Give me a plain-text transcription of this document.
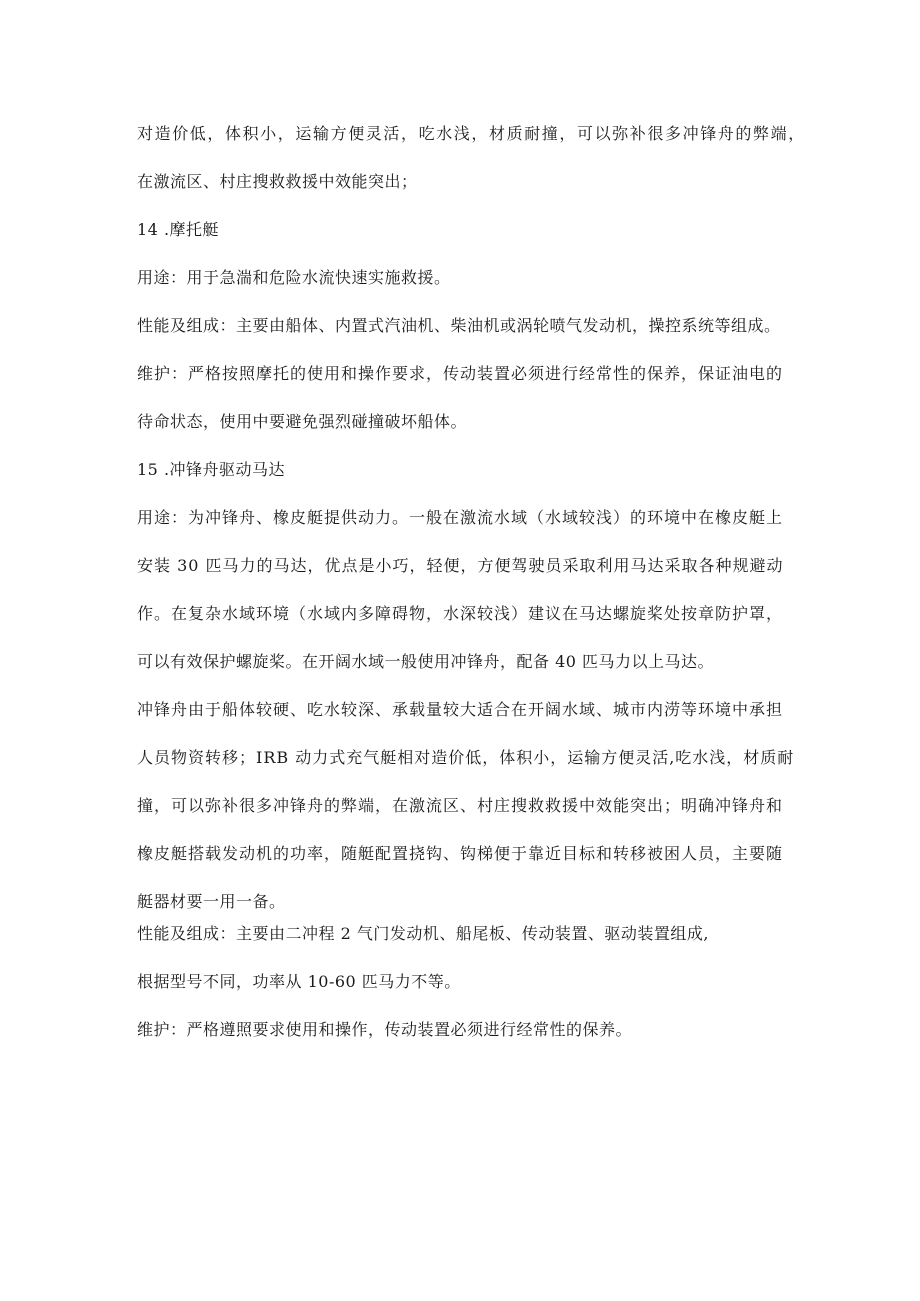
对造价低，体积小，运输方便灵活，吃水浅，材质耐撞，可以弥补很多冲锋舟的弊端，
在激流区、村庄搜救救援中效能突出；
14 .摩托艇
用途：用于急湍和危险水流快速实施救援。
性能及组成：主要由船体、内置式汽油机、柴油机或涡轮喷气发动机，操控系统等组成。
维护：严格按照摩托的使用和操作要求，传动装置必须进行经常性的保养，保证油电的
待命状态，使用中要避免强烈碰撞破坏船体。
15 .冲锋舟驱动马达
用途：为冲锋舟、橡皮艇提供动力。一般在激流水域（水域较浅）的环境中在橡皮艇上
安装 30 匹马力的马达，优点是小巧，轻便，方便驾驶员采取利用马达采取各种规避动
作。在复杂水域环境（水域内多障碍物，水深较浅）建议在马达螺旋桨处按章防护罩，
可以有效保护螺旋桨。在开阔水域一般使用冲锋舟，配备 40 匹马力以上马达。
冲锋舟由于船体较硬、吃水较深、承载量较大适合在开阔水域、城市内涝等环境中承担
人员物资转移；IRB 动力式充气艇相对造价低，体积小，运输方便灵活,吃水浅，材质耐
撞，可以弥补很多冲锋舟的弊端，在激流区、村庄搜救救援中效能突出；明确冲锋舟和
橡皮艇搭载发动机的功率，随艇配置挠钩、钩梯便于靠近目标和转移被困人员，主要随
艇器材要一用一备。
性能及组成：主要由二冲程 2 气门发动机、船尾板、传动装置、驱动装置组成,
根据型号不同，功率从 10-60 匹马力不等。
维护：严格遵照要求使用和操作，传动装置必须进行经常性的保养。
